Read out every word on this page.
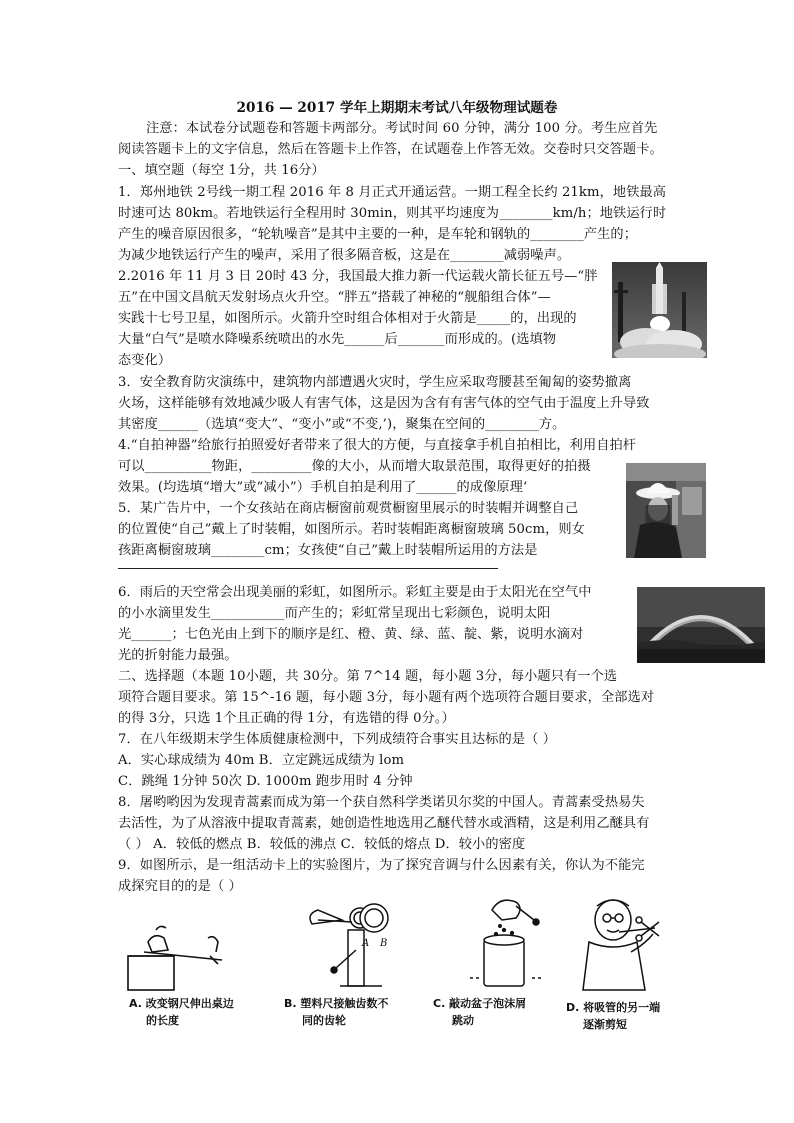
2016 — 2017 学年上期期末考试八年级物理试题卷
注意：本试卷分试题卷和答题卡两部分。考试时间 60 分钟，满分 100 分。考生应首先
阅读答题卡上的文字信息，然后在答题卡上作答，在试题卷上作答无效。交卷时只交答题卡。
一、填空题（每空 1分，共 16分）
1．郑州地铁 2号线一期工程 2016 年 8 月正式开通运营。一期工程全长约 21km，地铁最高
时速可达 80km。若地铁运行全程用时 30min，则其平均速度为________km/h；地铁运行时
产生的噪音原因很多，“轮轨噪音”是其中主要的一种，是车轮和钢轨的________产生的；
为减少地铁运行产生的噪声，采用了很多隔音板，这是在________减弱噪声。
2.2016 年 11 月 3 日 20时 43 分，我国最大推力新一代运载火箭长征五号—“胖
五”在中国文昌航天发射场点火升空。“胖五”搭载了神秘的“舰船组合体”—
实践十七号卫星，如图所示。火箭升空时组合体相对于火箭是_____的，出现的
大量“白气”是喷水降噪系统喷出的水先______后_______而形成的。(选填物
态变化）
3．安全教育防灾演练中，建筑物内部遭遇火灾时，学生应采取弯腰甚至匍匐的姿势撤离
火场，这样能够有效地减少吸人有害气体，这是因为含有有害气体的空气由于温度上升导致
其密度______（选填“变大”、“变小”或“不变,’)，聚集在空间的________方。
4.“自拍神器”给旅行拍照爱好者带来了很大的方便，与直接拿手机自拍相比，利用自拍杆
可以__________物距，_________像的大小，从而增大取景范围，取得更好的拍摄
效果。(均选填“增大”或“减小”）手机自拍是利用了______的成像原理‘
5．某广告片中，一个女孩站在商店橱窗前观赏橱窗里展示的时装帽并调整自己
的位置使“自己”戴上了时装帽，如图所示。若时装帽距离橱窗玻璃 50cm，则女
孩距离橱窗玻璃________cm；女孩使“自己”戴上时装帽所运用的方法是
6．雨后的天空常会出现美丽的彩虹，如图所示。彩虹主要是由于太阳光在空气中
的小水滴里发生___________而产生的；彩虹常呈现出七彩颜色，说明太阳
光______；七色光由上到下的顺序是红、橙、黄、绿、蓝、靛、紫，说明水滴对
光的折射能力最强。
二、选择题（本题 10小题，共 30分。第 7^14 题，每小题 3分，每小题只有一个选
项符合题目要求。第 15^-16 题，每小题 3分，每小题有两个选项符合题目要求，全部选对
的得 3分，只选 1个且正确的得 1分，有选错的得 0分。）
7．在八年级期末学生体质健康检测中，下列成绩符合事实且达标的是（ ）
A．实心球成绩为 40m B．立定跳远成绩为 lom
C．跳绳 1分钟 50次 D. 1000m 跑步用时 4 分钟
8．屠哟哟因为发现青蒿素而成为第一个获自然科学类诺贝尔奖的中国人。青蒿素受热易失
去活性，为了从溶液中提取青蒿素，她创造性地选用乙醚代替水或酒精，这是利用乙醚具有
（ ） A．较低的燃点 B．较低的沸点 C．较低的熔点 D．较小的密度
9．如图所示，是一组活动卡上的实验图片，为了探究音调与什么因素有关，你认为不能完
成探究目的的是（ ）
A B
A. 改变钢尺伸出桌边
的长度
B. 塑料尺接触齿数不
同的齿轮
C. 敲动盆子泡沫屑
跳动
D. 将吸管的另一端
逐渐剪短
